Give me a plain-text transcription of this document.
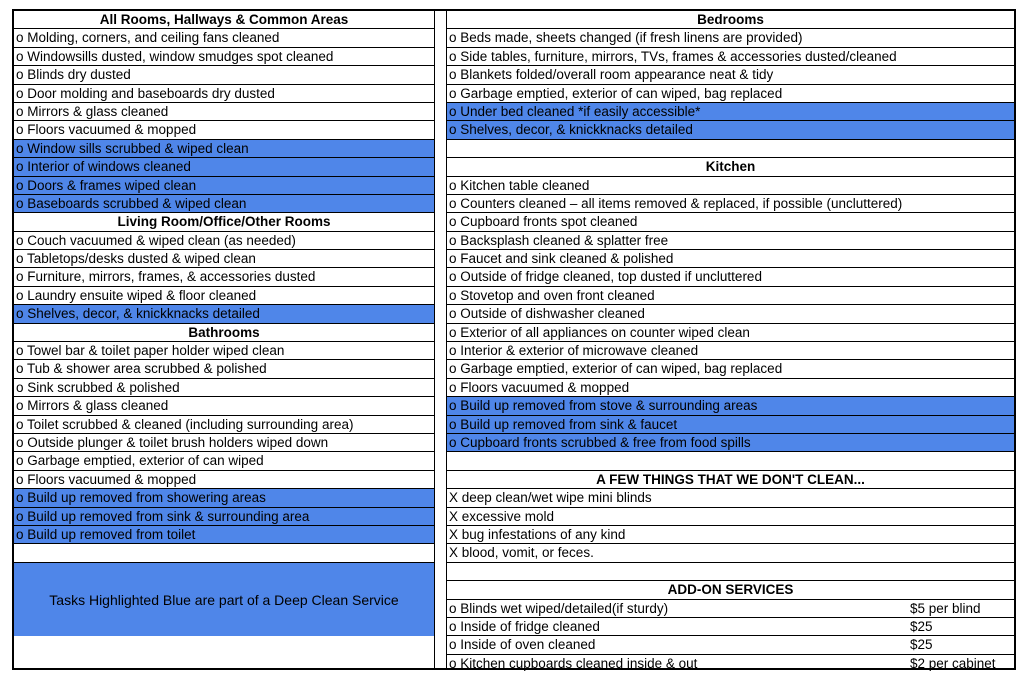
All Rooms, Hallways & Common Areas
o Molding, corners, and ceiling fans cleaned
o Windowsills dusted, window smudges spot cleaned
o Blinds dry dusted
o Door molding and baseboards dry dusted
o Mirrors & glass cleaned
o Floors vacuumed & mopped
o Window sills scrubbed & wiped clean
o Interior of windows cleaned
o Doors & frames wiped clean
o Baseboards scrubbed & wiped clean
Living Room/Office/Other Rooms
o Couch vacuumed & wiped clean (as needed)
o Tabletops/desks dusted & wiped clean
o Furniture, mirrors, frames, & accessories dusted
o Laundry ensuite wiped & floor cleaned
o Shelves, decor, & knickknacks detailed
Bathrooms
o Towel bar & toilet paper holder wiped clean
o Tub & shower area scrubbed & polished
o Sink scrubbed & polished
o Mirrors & glass cleaned
o Toilet scrubbed & cleaned (including surrounding area)
o Outside plunger & toilet brush holders wiped down
o Garbage emptied, exterior of can wiped
o Floors vacuumed & mopped
o Build up removed from showering areas
o Build up removed from sink & surrounding area
o Build up removed from toilet
Tasks Highlighted Blue are part of a Deep Clean Service
Bedrooms
o Beds made, sheets changed (if fresh linens are provided)
o Side tables, furniture, mirrors, TVs, frames & accessories dusted/cleaned
o Blankets folded/overall room appearance neat & tidy
o Garbage emptied, exterior of can wiped, bag replaced
o Under bed cleaned *if easily accessible*
o Shelves, decor, & knickknacks detailed
Kitchen
o Kitchen table cleaned
o Counters cleaned – all items removed & replaced, if possible (uncluttered)
o Cupboard fronts spot cleaned
o Backsplash cleaned & splatter free
o Faucet and sink cleaned & polished
o Outside of fridge cleaned, top dusted if uncluttered
o Stovetop and oven front cleaned
o Outside of dishwasher cleaned
o Exterior of all appliances on counter wiped clean
o Interior & exterior of microwave cleaned
o Garbage emptied, exterior of can wiped, bag replaced
o Floors vacuumed & mopped
o Build up removed from stove & surrounding areas
o Build up removed from sink & faucet
o Cupboard fronts scrubbed & free from food spills
A FEW THINGS THAT WE DON'T CLEAN...
X deep clean/wet wipe mini blinds
X excessive mold
X bug infestations of any kind
X blood, vomit, or feces.
ADD-ON SERVICES
o Blinds wet wiped/detailed(if sturdy)	$5 per blind
o Inside of fridge cleaned	$25
o Inside of oven cleaned	$25
o Kitchen cupboards cleaned inside & out	$2 per cabinet
